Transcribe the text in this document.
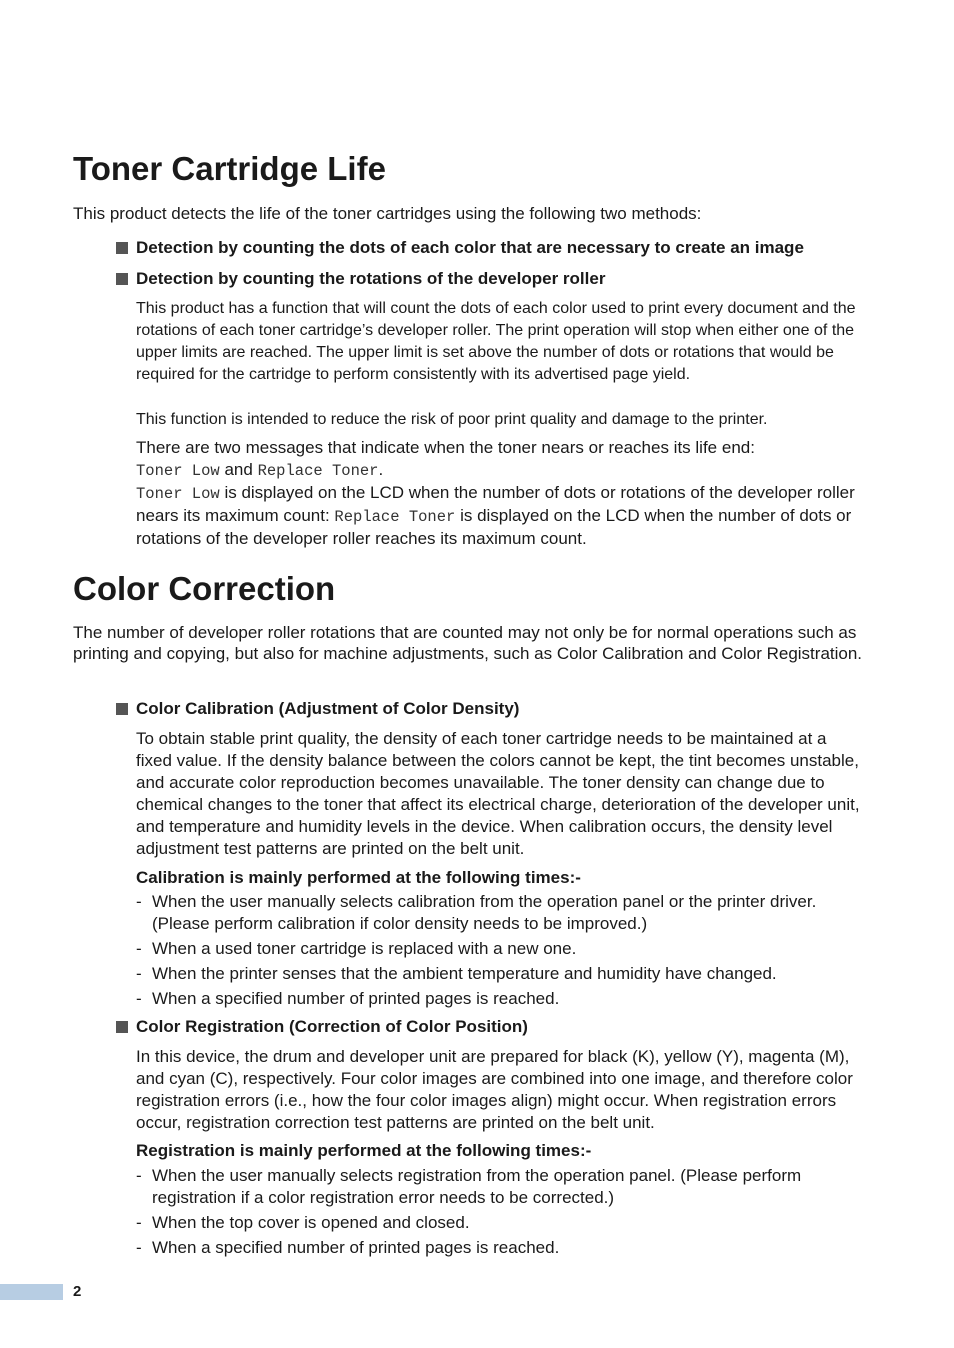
Toner Cartridge Life

This product detects the life of the toner cartridges using the following two methods:

Detection by counting the dots of each color that are necessary to create an image
Detection by counting the rotations of the developer roller

This product has a function that will count the dots of each color used to print every document and the rotations of each toner cartridge’s developer roller. The print operation will stop when either one of the upper limits are reached. The upper limit is set above the number of dots or rotations that would be required for the cartridge to perform consistently with its advertised page yield.

This function is intended to reduce the risk of poor print quality and damage to the printer.

There are two messages that indicate when the toner nears or reaches its life end:
Toner Low and Replace Toner.
Toner Low is displayed on the LCD when the number of dots or rotations of the developer roller nears its maximum count: Replace Toner is displayed on the LCD when the number of dots or rotations of the developer roller reaches its maximum count.
Color Correction

The number of developer roller rotations that are counted may not only be for normal operations such as printing and copying, but also for machine adjustments, such as Color Calibration and Color Registration.

Color Calibration (Adjustment of Color Density)

To obtain stable print quality, the density of each toner cartridge needs to be maintained at a fixed value. If the density balance between the colors cannot be kept, the tint becomes unstable, and accurate color reproduction becomes unavailable. The toner density can change due to chemical changes to the toner that affect its electrical charge, deterioration of the developer unit, and temperature and humidity levels in the device. When calibration occurs, the density level adjustment test patterns are printed on the belt unit.

Calibration is mainly performed at the following times:-

- When the user manually selects calibration from the operation panel or the printer driver. (Please perform calibration if color density needs to be improved.)
- When a used toner cartridge is replaced with a new one.
- When the printer senses that the ambient temperature and humidity have changed.
- When a specified number of printed pages is reached.
Color Registration (Correction of Color Position)

In this device, the drum and developer unit are prepared for black (K), yellow (Y), magenta (M), and cyan (C), respectively. Four color images are combined into one image, and therefore color registration errors (i.e., how the four color images align) might occur. When registration errors occur, registration correction test patterns are printed on the belt unit.

Registration is mainly performed at the following times:-

- When the user manually selects registration from the operation panel. (Please perform registration if a color registration error needs to be corrected.)
- When the top cover is opened and closed.
- When a specified number of printed pages is reached.
2
